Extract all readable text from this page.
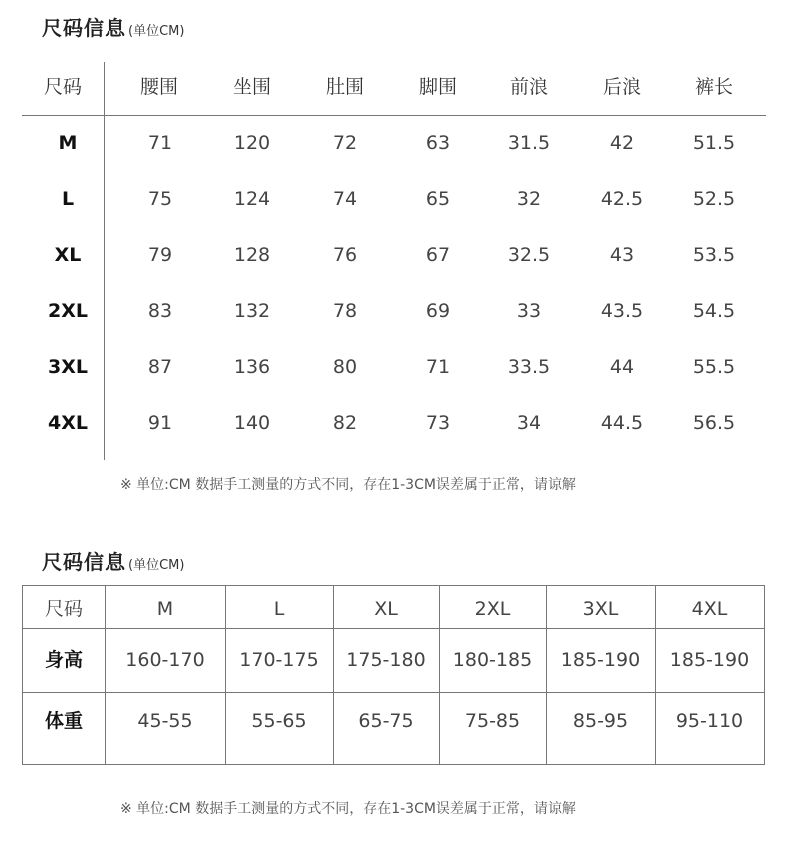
尺码信息 (单位CM)
尺码	腰围	坐围	肚围	脚围	前浪	后浪	裤长
M	71	120	72	63	31.5	42	51.5
L	75	124	74	65	32	42.5	52.5
XL	79	128	76	67	32.5	43	53.5
2XL	83	132	78	69	33	43.5	54.5
3XL	87	136	80	71	33.5	44	55.5
4XL	91	140	82	73	34	44.5	56.5
※ 单位:CM 数据手工测量的方式不同，存在1-3CM误差属于正常，请谅解
尺码信息 (单位CM)
尺码	M	L	XL	2XL	3XL	4XL
身高	160-170	170-175	175-180	180-185	185-190	185-190
体重	45-55	55-65	65-75	75-85	85-95	95-110
※ 单位:CM 数据手工测量的方式不同，存在1-3CM误差属于正常，请谅解
